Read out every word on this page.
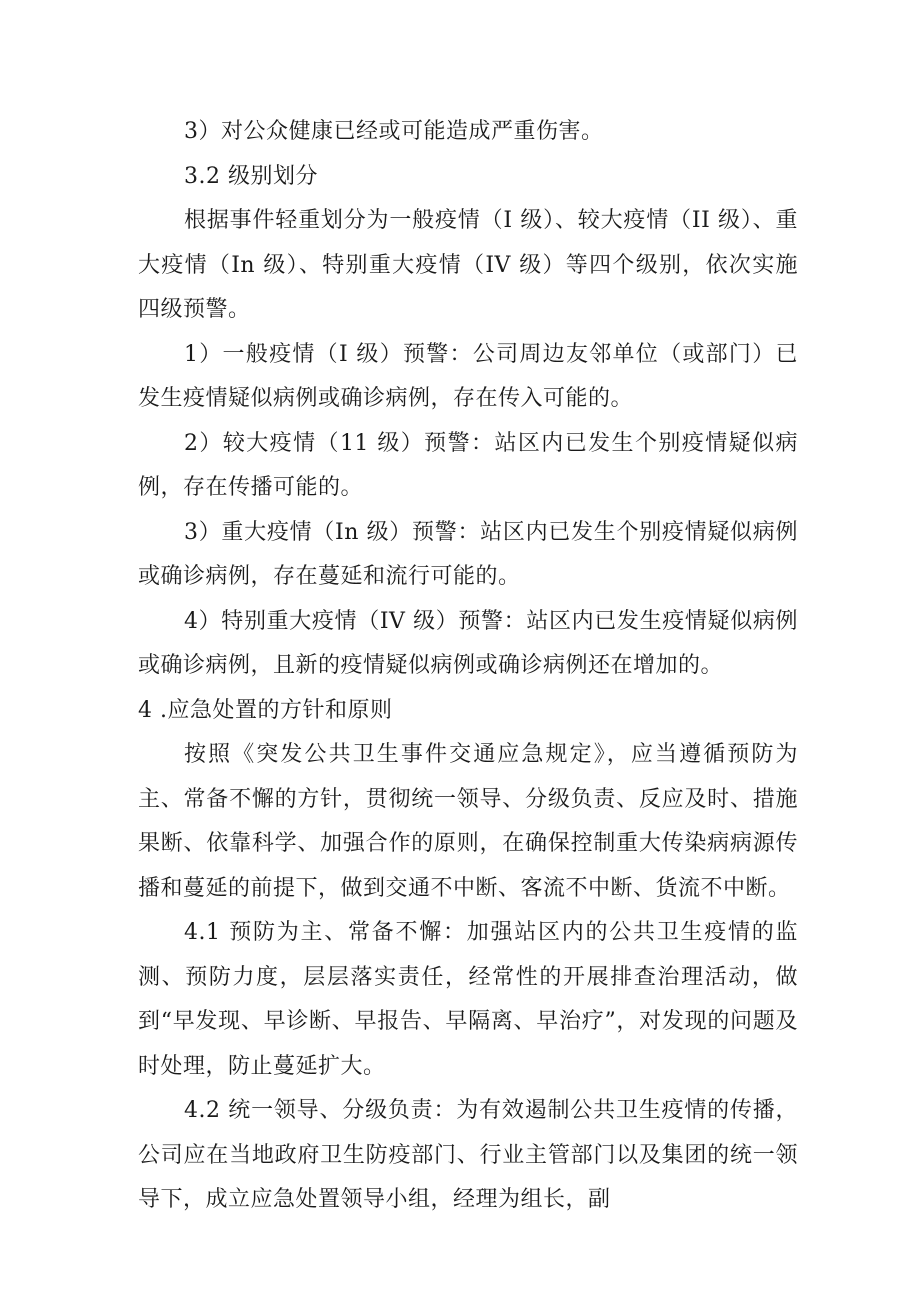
3）对公众健康已经或可能造成严重伤害。

3.2 级别划分

根据事件轻重划分为一般疫情（I 级）、较大疫情（II 级）、重大疫情（In 级）、特别重大疫情（IV 级）等四个级别，依次实施四级预警。

1）一般疫情（I 级）预警：公司周边友邻单位（或部门）已发生疫情疑似病例或确诊病例，存在传入可能的。

2）较大疫情（11 级）预警：站区内已发生个别疫情疑似病例，存在传播可能的。

3）重大疫情（In 级）预警：站区内已发生个别疫情疑似病例或确诊病例，存在蔓延和流行可能的。

4）特别重大疫情（IV 级）预警：站区内已发生疫情疑似病例或确诊病例，且新的疫情疑似病例或确诊病例还在增加的。

4 .应急处置的方针和原则

按照《突发公共卫生事件交通应急规定》，应当遵循预防为主、常备不懈的方针，贯彻统一领导、分级负责、反应及时、措施果断、依靠科学、加强合作的原则，在确保控制重大传染病病源传播和蔓延的前提下，做到交通不中断、客流不中断、货流不中断。

4.1 预防为主、常备不懈：加强站区内的公共卫生疫情的监测、预防力度，层层落实责任，经常性的开展排查治理活动，做到“早发现、早诊断、早报告、早隔离、早治疗”，对发现的问题及时处理，防止蔓延扩大。

4.2 统一领导、分级负责：为有效遏制公共卫生疫情的传播，公司应在当地政府卫生防疫部门、行业主管部门以及集团的统一领导下，成立应急处置领导小组，经理为组长，副
